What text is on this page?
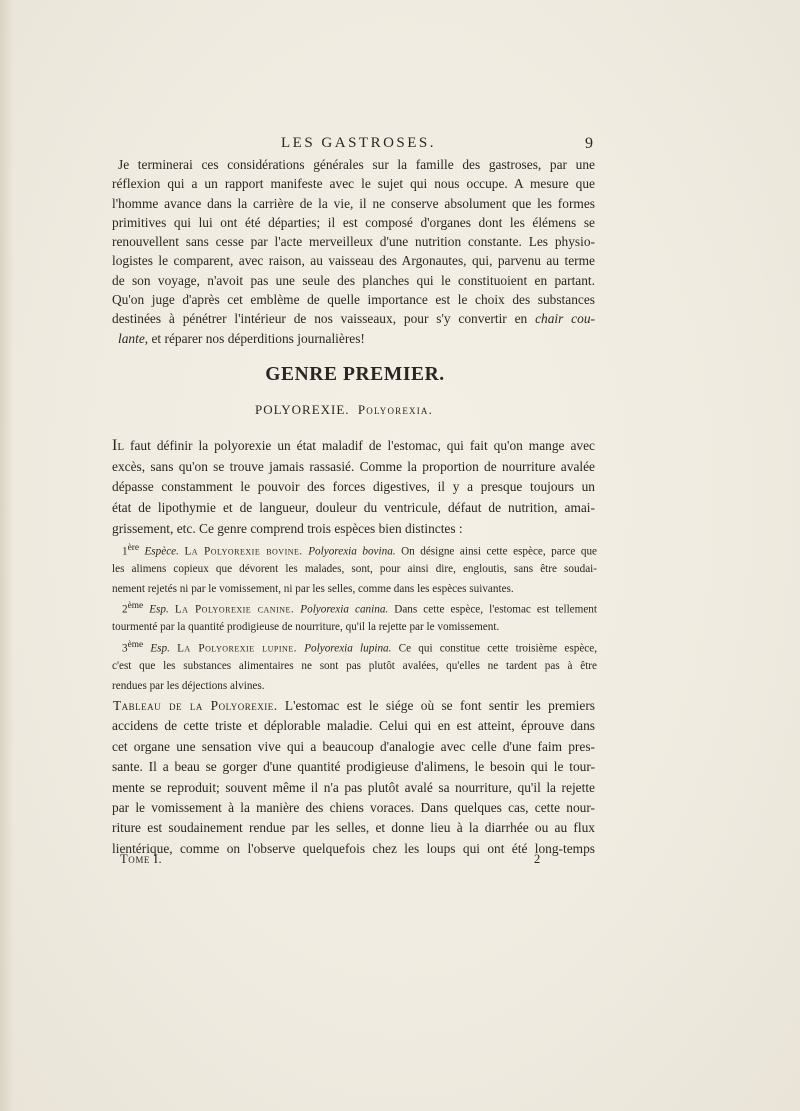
LES GASTROSES.	9
Je terminerai ces considérations générales sur la famille des gastroses, par une
réflexion qui a un rapport manifeste avec le sujet qui nous occupe. A mesure que
l'homme avance dans la carrière de la vie, il ne conserve absolument que les formes
primitives qui lui ont été départies; il est composé d'organes dont les élémens se
renouvellent sans cesse par l'acte merveilleux d'une nutrition constante. Les physio-
logistes le comparent, avec raison, au vaisseau des Argonautes, qui, parvenu au terme
de son voyage, n'avoit pas une seule des planches qui le constituoient en partant.
Qu'on juge d'après cet emblème de quelle importance est le choix des substances
destinées à pénétrer l'intérieur de nos vaisseaux, pour s'y convertir en chair cou-
lante, et réparer nos déperditions journalières!
GENRE PREMIER.
POLYOREXIE. Polyorexia.
Il faut définir la polyorexie un état maladif de l'estomac, qui fait qu'on mange avec
excès, sans qu'on se trouve jamais rassasié. Comme la proportion de nourriture avalée
dépasse constamment le pouvoir des forces digestives, il y a presque toujours un
état de lipothymie et de langueur, douleur du ventricule, défaut de nutrition, amai-
grissement, etc. Ce genre comprend trois espèces bien distinctes :
1ère Espèce. La Polyorexie bovine. Polyorexia bovina. On désigne ainsi cette espèce, parce que
les alimens copieux que dévorent les malades, sont, pour ainsi dire, engloutis, sans être soudai-
nement rejetés ni par le vomissement, ni par les selles, comme dans les espèces suivantes.
2ème Esp. La Polyorexie canine. Polyorexia canina. Dans cette espèce, l'estomac est tellement
tourmenté par la quantité prodigieuse de nourriture, qu'il la rejette par le vomissement.
3ème Esp. La Polyorexie lupine. Polyorexia lupina. Ce qui constitue cette troisième espèce,
c'est que les substances alimentaires ne sont pas plutôt avalées, qu'elles ne tardent pas à être
rendues par les déjections alvines.
Tableau de la Polyorexie. L'estomac est le siége où se font sentir les premiers
accidens de cette triste et déplorable maladie. Celui qui en est atteint, éprouve dans
cet organe une sensation vive qui a beaucoup d'analogie avec celle d'une faim pres-
sante. Il a beau se gorger d'une quantité prodigieuse d'alimens, le besoin qui le tour-
mente se reproduit; souvent même il n'a pas plutôt avalé sa nourriture, qu'il la rejette
par le vomissement à la manière des chiens voraces. Dans quelques cas, cette nour-
riture est soudainement rendue par les selles, et donne lieu à la diarrhée ou au flux
lientérique, comme on l'observe quelquefois chez les loups qui ont été long-temps
Tome I.	2
